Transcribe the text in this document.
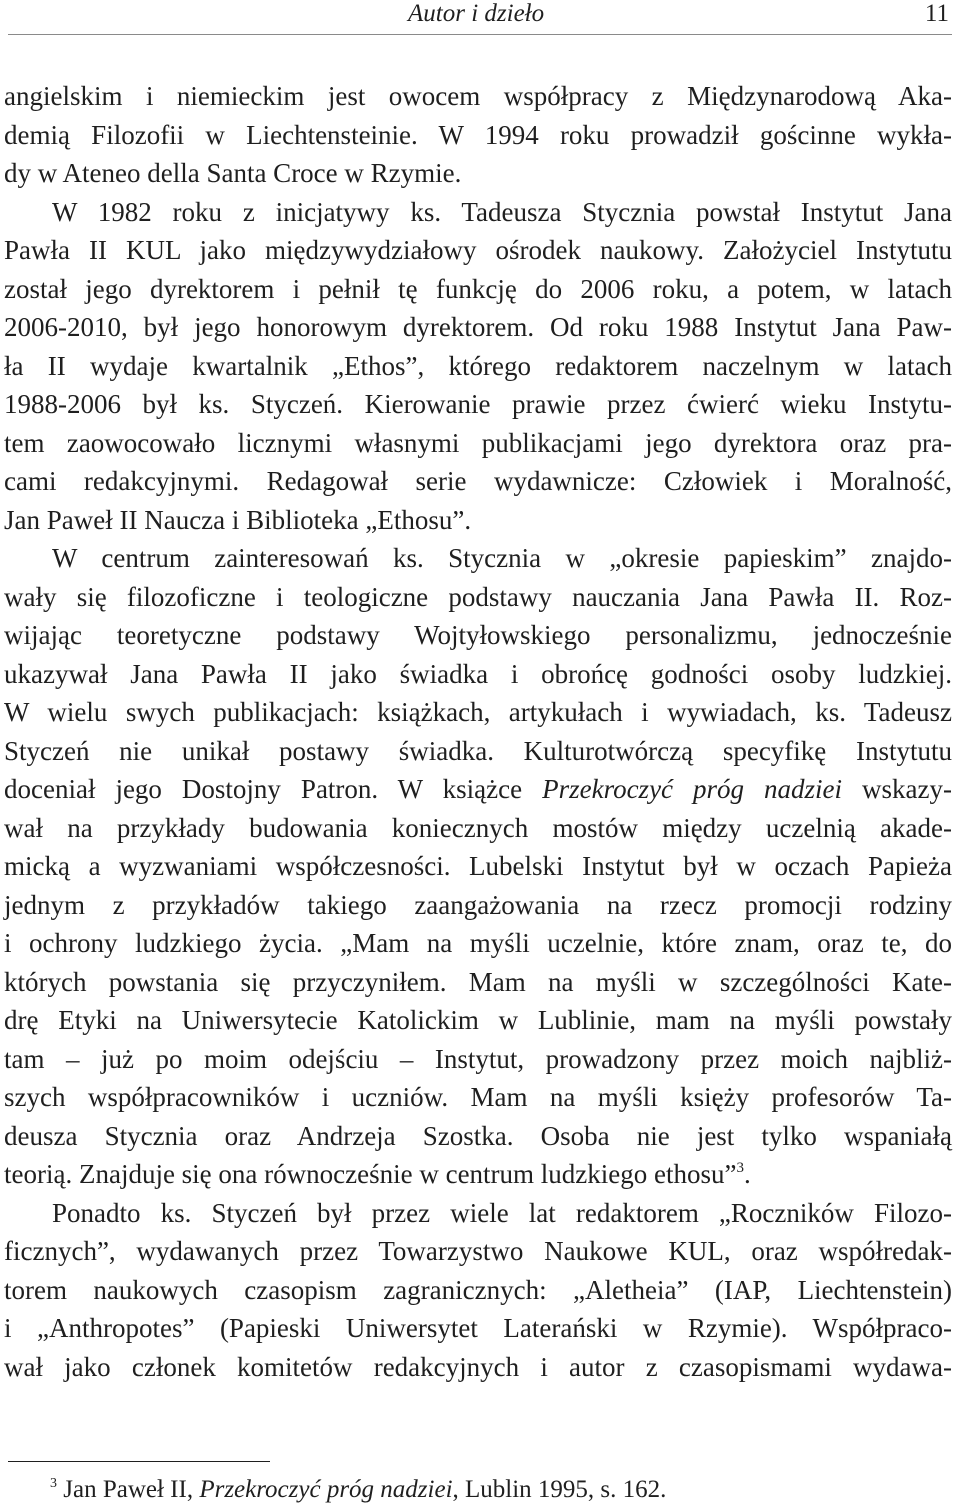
Autor i dzieło	11
angielskim i niemieckim jest owocem współpracy z Międzynarodową Aka-
demią Filozofii w Liechtensteinie. W 1994 roku prowadził gościnne wykła-
dy w Ateneo della Santa Croce w Rzymie.
W 1982 roku z inicjatywy ks. Tadeusza Stycznia powstał Instytut Jana
Pawła II KUL jako międzywydziałowy ośrodek naukowy. Założyciel Instytutu
został jego dyrektorem i pełnił tę funkcję do 2006 roku, a potem, w latach
2006-2010, był jego honorowym dyrektorem. Od roku 1988 Instytut Jana Paw-
ła II wydaje kwartalnik „Ethos”, którego redaktorem naczelnym w latach
1988-2006 był ks. Styczeń. Kierowanie prawie przez ćwierć wieku Instytu-
tem zaowocowało licznymi własnymi publikacjami jego dyrektora oraz pra-
cami redakcyjnymi. Redagował serie wydawnicze: Człowiek i Moralność,
Jan Paweł II Naucza i Biblioteka „Ethosu”.
W centrum zainteresowań ks. Stycznia w „okresie papieskim” znajdo-
wały się filozoficzne i teologiczne podstawy nauczania Jana Pawła II. Roz-
wijając teoretyczne podstawy Wojtyłowskiego personalizmu, jednocześnie
ukazywał Jana Pawła II jako świadka i obrońcę godności osoby ludzkiej.
W wielu swych publikacjach: książkach, artykułach i wywiadach, ks. Tadeusz
Styczeń nie unikał postawy świadka. Kulturotwórczą specyfikę Instytutu
doceniał jego Dostojny Patron. W książce Przekroczyć próg nadziei wskazy-
wał na przykłady budowania koniecznych mostów między uczelnią akade-
micką a wyzwaniami współczesności. Lubelski Instytut był w oczach Papieża
jednym z przykładów takiego zaangażowania na rzecz promocji rodziny
i ochrony ludzkiego życia. „Mam na myśli uczelnie, które znam, oraz te, do
których powstania się przyczyniłem. Mam na myśli w szczególności Kate-
drę Etyki na Uniwersytecie Katolickim w Lublinie, mam na myśli powstały
tam – już po moim odejściu – Instytut, prowadzony przez moich najbliż-
szych współpracowników i uczniów. Mam na myśli księży profesorów Ta-
deusza Stycznia oraz Andrzeja Szostka. Osoba nie jest tylko wspaniałą
teorią. Znajduje się ona równocześnie w centrum ludzkiego ethosu”$^3$.
Ponadto ks. Styczeń był przez wiele lat redaktorem „Roczników Filozo-
ficznych”, wydawanych przez Towarzystwo Naukowe KUL, oraz współredak-
torem naukowych czasopism zagranicznych: „Aletheia” (IAP, Liechtenstein)
i „Anthropotes” (Papieski Uniwersytet Laterański w Rzymie). Współpraco-
wał jako członek komitetów redakcyjnych i autor z czasopismami wydawa-
$^3$ Jan Paweł II, Przekroczyć próg nadziei, Lublin 1995, s. 162.
